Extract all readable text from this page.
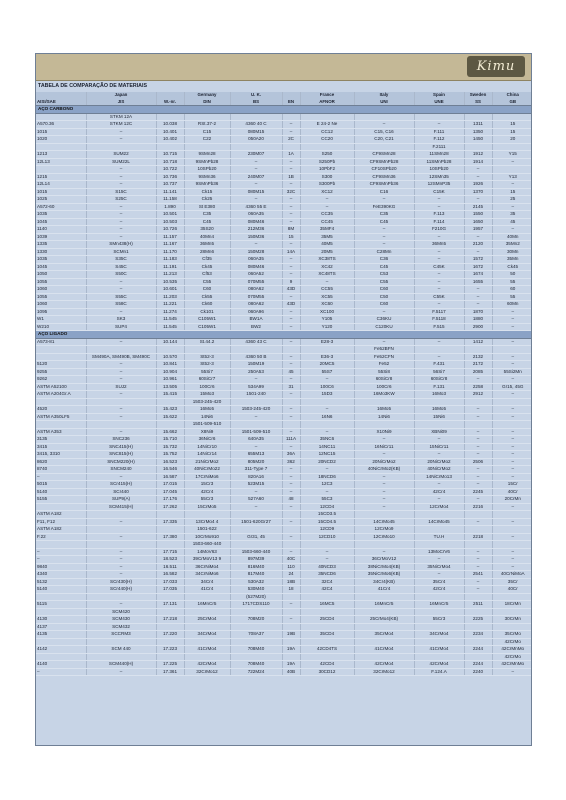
Kimu
TABELA DE COMPARAÇÃO DE MATERIAIS
	Japan		Germany	U. K.		France	Italy	Spain	Sweden	China
AISI/SAE	JIS	W.-nr.	DIN	BS	EN	AFNOR	UNI	UNE	SS	GB
AÇO CARBONO										
	STKM 12A									
A570.36	STKM 12C	10.038	RSt.37-2	4360 40 C	–	E 24-2 Ne	–	–	1311	15
1015	–	10.401	C15	080M15	–	CC12	C15, C16	F.111	1350	15
1020	–	10.402	C22	050A20	2C	CC20	C20, C21	F.112	1450	20
								F.2111		
1213	SUM22	10.715	9SMn28	230M07	1A	S250	CF9SMn28	11SMn28	1912	Y15
12L13	SUM22L	10.718	9SMnPb28	–	–	S250Pb	CF9SMnPb28	11SMnPb28	1914	–
	–	10.722	10SPb20	–	–	10PbF2	CF10SPb20	10SPb20	–	
1215	–	10.736	9SMn36	240M07	1B	S300	CF9SMn36	12SMn35	–	Y13
12L14	–	10.737	9SMnPb36	–	–	S300Pb	CF9SMnPb36	12SMnP35	1926	–
1015	S15C	11.141	Ck15	080M15	32C	XC12	C16	C15K	1370	15
1025	S25C	11.158	Ck25	–	–	–	–	–	–	25
A572-60	–	1.890	St E380	4360 55 E	–	–	FeE390KG	–	2145	–
1035	–	10.501	C35	060A35	–	CC35	C35	F.113	1550	35
1045	–	10.503	C45	080M46	–	CC45	C45	F.114	1650	45
1140	–	10.726	35S20	212M36	8M	35MF4	–	F210G	1957	–
1039	–	11.157	40Mn4	150M36	15	35M5	–	–	–	40Mn
1335	SMn438(H)	11.167	36Mn5	–	–	40M5	–	36Mn5	2120	35Mn2
1330	SCMn1	11.170	28Mn6	150M28	14A	20M5	C28Mn	–	–	30Mn
1035	S35C	11.183	Cf35	060A35	–	XC38TS	C36	–	1572	35Mn
1045	S45C	11.191	Ck45	080M46	–	XC42	C45	C45K	1672	Ck45
1050	S50C	11.213	Cf53	060A52	–	XC48TS	C53	–	1674	50
1055	–	10.535	C55	070M55	9	–	C55	–	1655	55
1060	–	10.601	C60	080A62	43D	CC55	C60	–	–	60
1055	S55C	11.203	Ck55	070M55	–	XC55	C50	C55K	–	55
1060	S58C	11.221	Ck60	080A62	43D	XC60	C60	–	–	60Mn
1095	–	11.274	Ck101	060A96	–	XC100	–	F.5117	1870	–
W1	SK3	11.545	C105W1	BW1A	–	Y105	C36KU	F.5118	1880	–
W210	SUP4	11.545	C105W1	BW2	–	Y120	C120KU	F.515	2900	–
AÇO LIGADO										
A573-81	–	10.144	St.44.2	4360 43 C	–	E28-3	–	–	1412	–
							Fe52BFN			
	SM490A, SM490B, SM490C	10.570	St52-3	4360 50 B	–	E36-3	Fe52CFN	–	2132	–
5120	–	10.841	St52-3	150M19	–	20MC5	Fe52	F.431	2172	–
9255	–	10.904	55Si7	250A53	45	55S7	55Si8	56Si7	2085	55Si2Mn
9262	–	10.961	60SiCr7	–	–	–	60SiCr8	60SiCr8	–	–
ASTM A52100	SUJ2	13.505	100Cr6	534A99	31	100C6	100Cr6	F.131	2258	Gr15, 45G
ASTM A204Gr.A	–	15.415	15Mo3	1501-240	–	15D3	16Mo3KW	16Mo3	2912	–
			1503-245-420							
4520	–	15.423	16Mo5	1503-245-420	–	–	16Mo5	16Mo5	–	–
ASTM A350LF5	–	15.622	14Ni6	–	–	16N6	14Ni6	15Ni6	–	–
			1501-509-510							
ASTM A353	–	15.662	X8Ni9	1501-509-510	–	–	X10Ni9	XBNi09	–	–
3135	SNC236	15.710	36NiCr6	640A35	111A	35NC6	–	–	–	–
3415	SNC415(H)	15.732	14NiCr10	–	–	14NC11	16NiCr11	15NiCr11	–	–
3415, 3310	SNC815(H)	15.752	14NiCr14	655M13	36A	12NC15	–	–	–	–
8620	SNCM220(H)	16.523	21NiCrMo2	805M20	362	20NCD2	20NiCrMo2	20NiCrMo2	2506	–
8740	SNCM240	16.546	40NiCrMo22	311-Type 7	–	–	40NiCrMo2(KB)	40NiCrMo2	–	–
–	–	16.587	17CrNiMo6	820A16	–	18NCD6	–	14NiCrMo13	–	–
5015	SCr415(H)	17.015	15Cr3	523M15	–	12C3	–	–	–	15Cr
5140	SCr440	17.045	42Cr4	–	–	–	–	42Cr4	2245	40Cr
5155	SUP9(A)	17.176	55Cr3	527A60	48	55C3	–	–	–	20CrMn
	SCM415(H)	17.262	15CrMo5	–	–	12CD4	–	12CrMo4	2216	–
ASTM A182						15CD3.5				
F11, F12	–	17.335	13CrMo4 4	1501-620Gr27	–	15CD4.5	14CrMo45	14CrMo45	–	–
ASTM A182			1501-622			12CD9	12CrMo9			
F.22	–	17.380	10CrMo910	Gr31, 45	–	12CD10	12CrMo10	TU.H	2218	–
			1503-660-440							
–	–	17.715	14MoV63	1503-660-440	–	–	–	13MoCrV6	–	–
–	–	18.523	39CrMoV13 9	897M39	40C	–	36CrMoV12	–	–	–
9840	–	16.511	36CrNiMo4	816M40	110	40NCD3	38NiCrMo4(KB)	35NiCrMo4	–	–
4340	–	16.582	34CrNiMo6	817M40	24	35NCD6	35NiCrMo6(KB)	–	2541	40CrNiMoA
5132	SCr430(H)	17.033	34Cr4	530A32	18B	32C4	34Cr4(KB)	35Cr4	–	35Cr
5140	SCr440(H)	17.035	41Cr4	530M40	18	42C4	41Cr4	42Cr4	–	40Cr
				(527M20)						
5115	–	17.131	16MnCr5	1717CDS110	–	16MC5	16MnCr5	16MnCr5	2511	18CrMn
	SCM420									
4130	SCM430	17.218	25CrMo4	708M20	–	25CD4	25CrMo4(KB)	55Cr3	2225	30CrMn
4137	SCM432									
4135	SCCRM3	17.220	34CrMo4	708A37	19B	35CD4	35CrMo4	34CrMo4	2234	35CrMo
										42CrMo
4142	SCM 440	17.223	41CrMo4	708M40	19A	42CD4TS	41CrMo4	41CrMo4	2244	42CrMnMo
										42CrMo
4140	SCM440(H)	17.225	42CrMo4	708M40	19A	42CD4	42CrMo4	42CrMo4	2244	42CrMnMo
–	–	17.361	32CrMo12	722M24	40B	30CD12	32CrMo12	F.124.A	2240	–
